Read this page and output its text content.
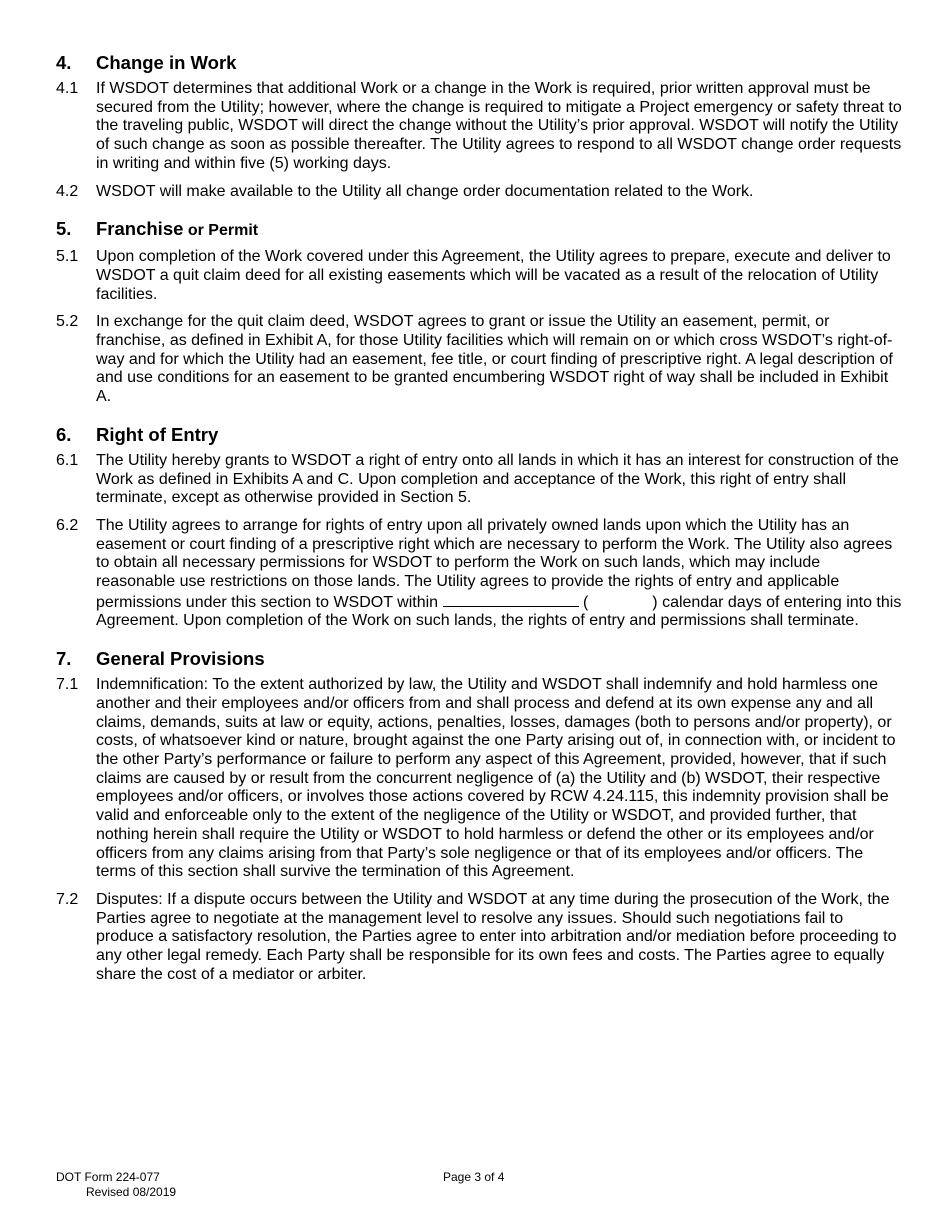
4.	Change in Work
4.1	If WSDOT determines that additional Work or a change in the Work is required, prior written approval must be secured from the Utility; however, where the change is required to mitigate a Project emergency or safety threat to the traveling public, WSDOT will direct the change without the Utility’s prior approval. WSDOT will notify the Utility of such change as soon as possible thereafter. The Utility agrees to respond to all WSDOT change order requests in writing and within five (5) working days.
4.2	WSDOT will make available to the Utility all change order documentation related to the Work.
5.	Franchise or Permit
5.1	Upon completion of the Work covered under this Agreement, the Utility agrees to prepare, execute and deliver to WSDOT a quit claim deed for all existing easements which will be vacated as a result of the relocation of Utility facilities.
5.2	In exchange for the quit claim deed, WSDOT agrees to grant or issue the Utility an easement, permit, or franchise, as defined in Exhibit A, for those Utility facilities which will remain on or which cross WSDOT’s right-of-way and for which the Utility had an easement, fee title, or court finding of prescriptive right. A legal description of and use conditions for an easement to be granted encumbering WSDOT right of way shall be included in Exhibit A.
6.	Right of Entry
6.1	The Utility hereby grants to WSDOT a right of entry onto all lands in which it has an interest for construction of the Work as defined in Exhibits A and C. Upon completion and acceptance of the Work, this right of entry shall terminate, except as otherwise provided in Section 5.
6.2	The Utility agrees to arrange for rights of entry upon all privately owned lands upon which the Utility has an easement or court finding of a prescriptive right which are necessary to perform the Work. The Utility also agrees to obtain all necessary permissions for WSDOT to perform the Work on such lands, which may include reasonable use restrictions on those lands. The Utility agrees to provide the rights of entry and applicable permissions under this section to WSDOT within	(	) calendar days of entering into this Agreement. Upon completion of the Work on such lands, the rights of entry and permissions shall terminate.
7.	General Provisions
7.1	Indemnification: To the extent authorized by law, the Utility and WSDOT shall indemnify and hold harmless one another and their employees and/or officers from and shall process and defend at its own expense any and all claims, demands, suits at law or equity, actions, penalties, losses, damages (both to persons and/or property), or costs, of whatsoever kind or nature, brought against the one Party arising out of, in connection with, or incident to the other Party’s performance or failure to perform any aspect of this Agreement, provided, however, that if such claims are caused by or result from the concurrent negligence of (a) the Utility and (b) WSDOT, their respective employees and/or officers, or involves those actions covered by RCW 4.24.115, this indemnity provision shall be valid and enforceable only to the extent of the negligence of the Utility or WSDOT, and provided further, that nothing herein shall require the Utility or WSDOT to hold harmless or defend the other or its employees and/or officers from any claims arising from that Party’s sole negligence or that of its employees and/or officers. The terms of this section shall survive the termination of this Agreement.
7.2	Disputes: If a dispute occurs between the Utility and WSDOT at any time during the prosecution of the Work, the Parties agree to negotiate at the management level to resolve any issues. Should such negotiations fail to produce a satisfactory resolution, the Parties agree to enter into arbitration and/or mediation before proceeding to any other legal remedy. Each Party shall be responsible for its own fees and costs. The Parties agree to equally share the cost of a mediator or arbiter.
DOT Form 224-077
Revised 08/2019
Page 3 of 4
